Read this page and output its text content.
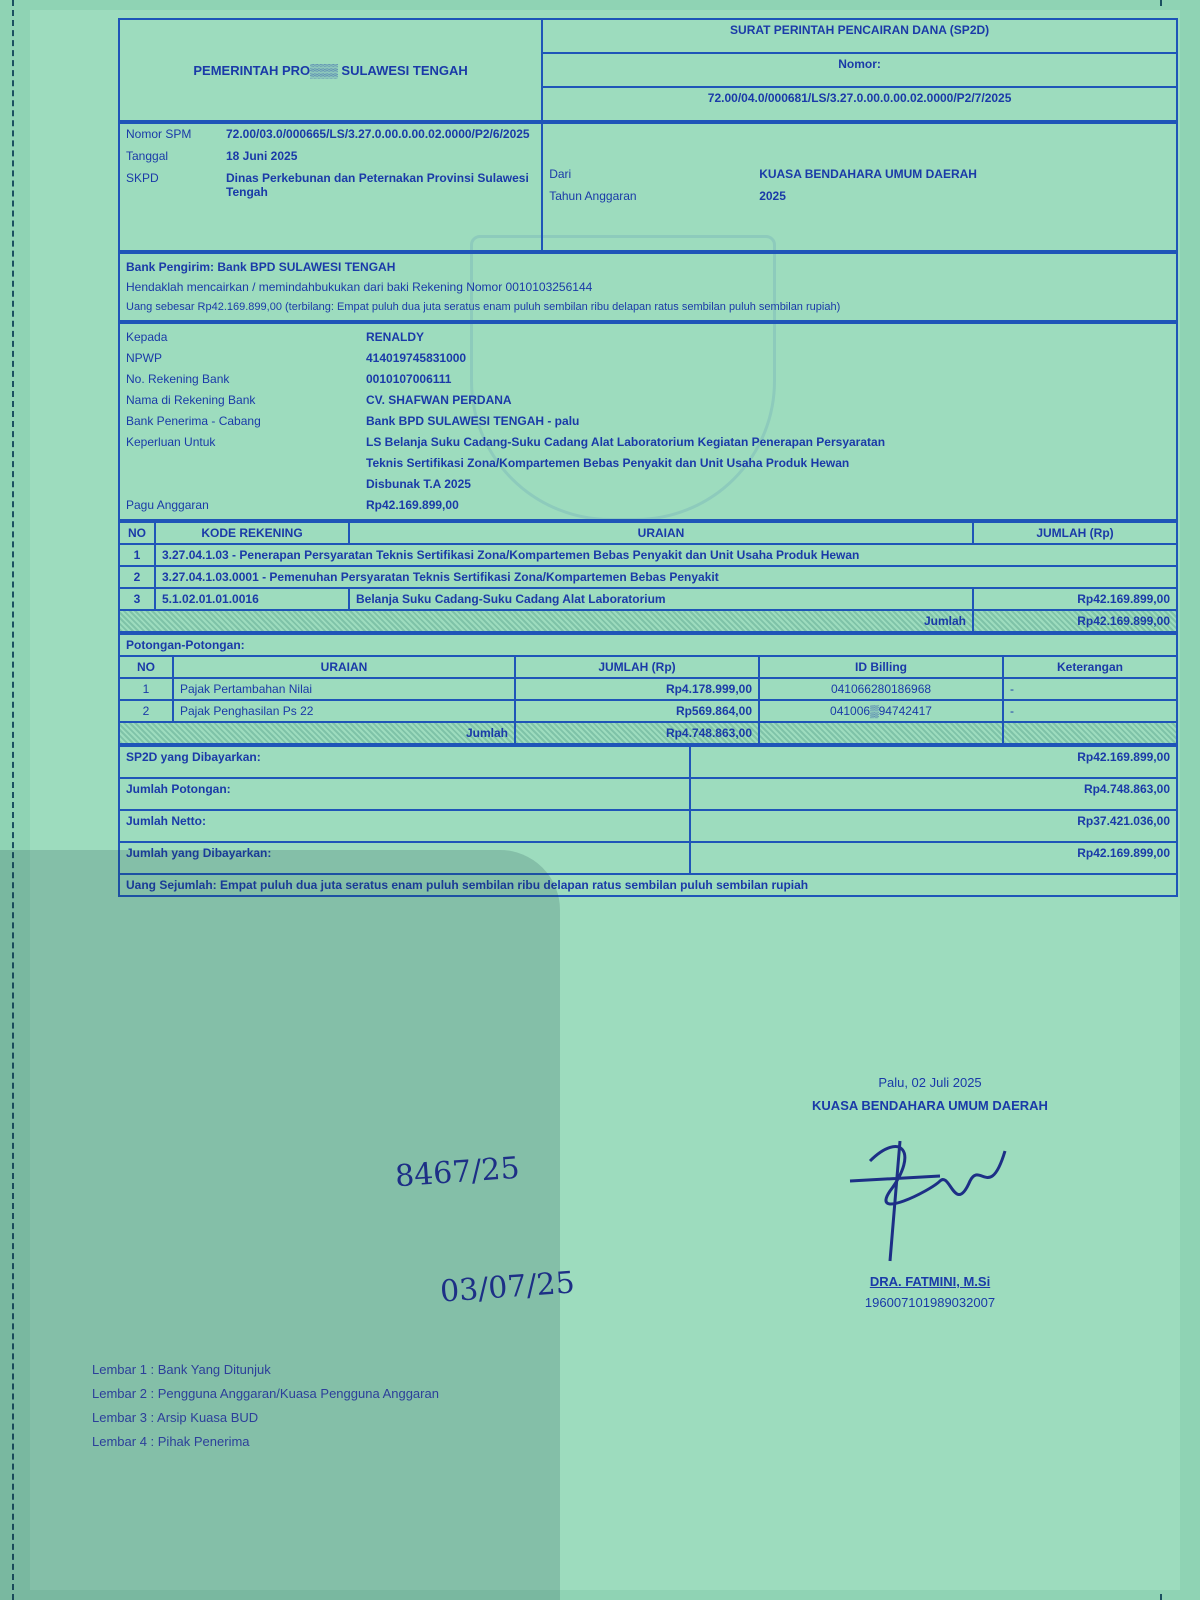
PEMERINTAH PRO▒▒▒ SULAWESI TENGAH	SURAT PERINTAH PENCAIRAN DANA (SP2D)
Nomor:
72.00/04.0/000681/LS/3.27.0.00.0.00.02.0000/P2/7/2025
Nomor SPM	72.00/03.0/000665/LS/3.27.0.00.0.00.02.0000/P2/6/2025
Tanggal	18 Juni 2025
SKPD	Dinas Perkebunan dan Peternakan Provinsi Sulawesi Tengah

Dari	KUASA BENDAHARA UMUM DAERAH
Tahun Anggaran	2025
Bank Pengirim: Bank BPD SULAWESI TENGAH
Hendaklah mencairkan / memindahbukukan dari baki Rekening Nomor 0010103256144
Uang sebesar Rp42.169.899,00 (terbilang: Empat puluh dua juta seratus enam puluh sembilan ribu delapan ratus sembilan puluh sembilan rupiah)
Kepada	RENALDY
NPWP	414019745831000
No. Rekening Bank	0010107006111
Nama di Rekening Bank	CV. SHAFWAN PERDANA
Bank Penerima - Cabang	Bank BPD SULAWESI TENGAH - palu
Keperluan Untuk	LS Belanja Suku Cadang-Suku Cadang Alat Laboratorium Kegiatan Penerapan Persyaratan Teknis Sertifikasi Zona/Kompartemen Bebas Penyakit dan Unit Usaha Produk Hewan Disbunak T.A 2025
Pagu Anggaran	Rp42.169.899,00
NO	KODE REKENING	URAIAN	JUMLAH (Rp)
1	3.27.04.1.03 - Penerapan Persyaratan Teknis Sertifikasi Zona/Kompartemen Bebas Penyakit dan Unit Usaha Produk Hewan		
2	3.27.04.1.03.0001 - Pemenuhan Persyaratan Teknis Sertifikasi Zona/Kompartemen Bebas Penyakit		
3	5.1.02.01.01.0016	Belanja Suku Cadang-Suku Cadang Alat Laboratorium	Rp42.169.899,00
Jumlah			Rp42.169.899,00
Potongan-Potongan:				
NO	URAIAN	JUMLAH (Rp)	ID Billing	Keterangan
1	Pajak Pertambahan Nilai	Rp4.178.999,00	041066280186968	-
2	Pajak Penghasilan Ps 22	Rp569.864,00	041006▒94742417	-
Jumlah		Rp4.748.863,00		
SP2D yang Dibayarkan:	Rp42.169.899,00
Jumlah Potongan:	Rp4.748.863,00
Jumlah Netto:	Rp37.421.036,00
Jumlah yang Dibayarkan:	Rp42.169.899,00
Uang Sejumlah: Empat puluh dua juta seratus enam puluh sembilan ribu delapan ratus sembilan puluh sembilan rupiah	
Palu, 02 Juli 2025
KUASA BENDAHARA UMUM DAERAH
DRA. FATMINI, M.Si
196007101989032007
8467/25
03/07/25
Lembar 1 : Bank Yang Ditunjuk
Lembar 2 : Pengguna Anggaran/Kuasa Pengguna Anggaran
Lembar 3 : Arsip Kuasa BUD
Lembar 4 : Pihak Penerima
